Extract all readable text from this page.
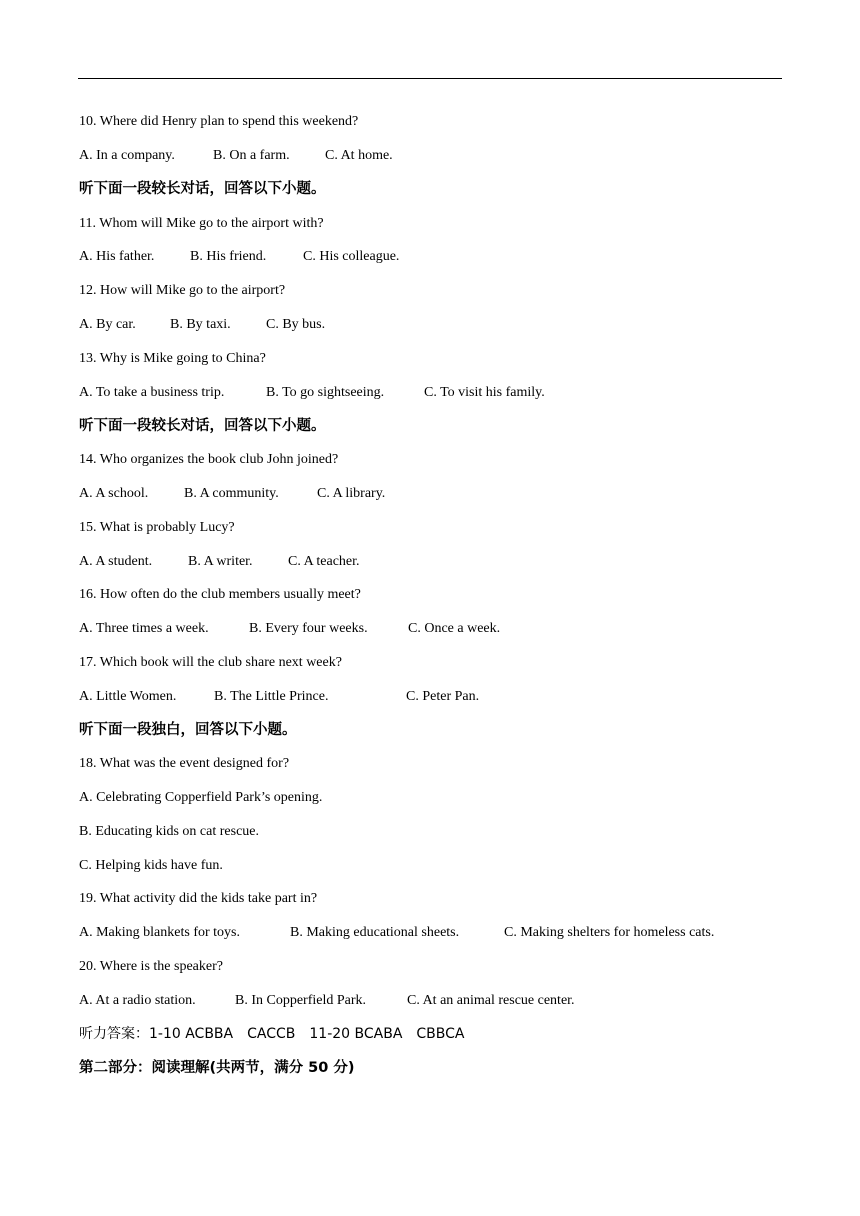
10. Where did Henry plan to spend this weekend?
A. In a company.	B. On a farm.	C. At home.
听下面一段较长对话，回答以下小题。
11. Whom will Mike go to the airport with?
A. His father.	B. His friend.	C. His colleague.
12. How will Mike go to the airport?
A. By car. B. By taxi.	C. By bus.
13. Why is Mike going to China?
A. To take a business trip.	B. To go sightseeing.	C. To visit his family.
听下面一段较长对话，回答以下小题。
14. Who organizes the book club John joined?
A. A school.	B. A community.	C. A library.
15. What is probably Lucy?
A. A student.	B. A writer.	C. A teacher.
16. How often do the club members usually meet?
A. Three times a week.	B. Every four weeks.	C. Once a week.
17. Which book will the club share next week?
A. Little Women.	B. The Little Prince.	C. Peter Pan.
听下面一段独白，回答以下小题。
18. What was the event designed for?
A. Celebrating Copperfield Park’s opening.
B. Educating kids on cat rescue.
C. Helping kids have fun.
19. What activity did the kids take part in?
A. Making blankets for toys.	B. Making educational sheets.	C. Making shelters for homeless cats.
20. Where is the speaker?
A. At a radio station.	B. In Copperfield Park.	C. At an animal rescue center.
听力答案：1-10 ACBBA　CACCB　11-20 BCABA　CBBCA
第二部分：阅读理解(共两节，满分 50 分)
